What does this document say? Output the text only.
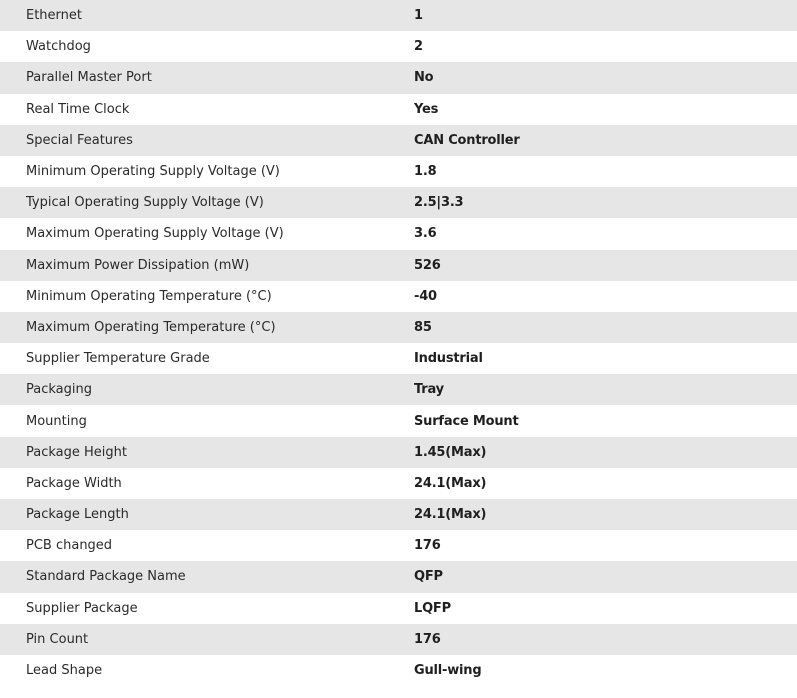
Ethernet	1
Watchdog	2
Parallel Master Port	No
Real Time Clock	Yes
Special Features	CAN Controller
Minimum Operating Supply Voltage (V)	1.8
Typical Operating Supply Voltage (V)	2.5|3.3
Maximum Operating Supply Voltage (V)	3.6
Maximum Power Dissipation (mW)	526
Minimum Operating Temperature (°C)	-40
Maximum Operating Temperature (°C)	85
Supplier Temperature Grade	Industrial
Packaging	Tray
Mounting	Surface Mount
Package Height	1.45(Max)
Package Width	24.1(Max)
Package Length	24.1(Max)
PCB changed	176
Standard Package Name	QFP
Supplier Package	LQFP
Pin Count	176
Lead Shape	Gull-wing
